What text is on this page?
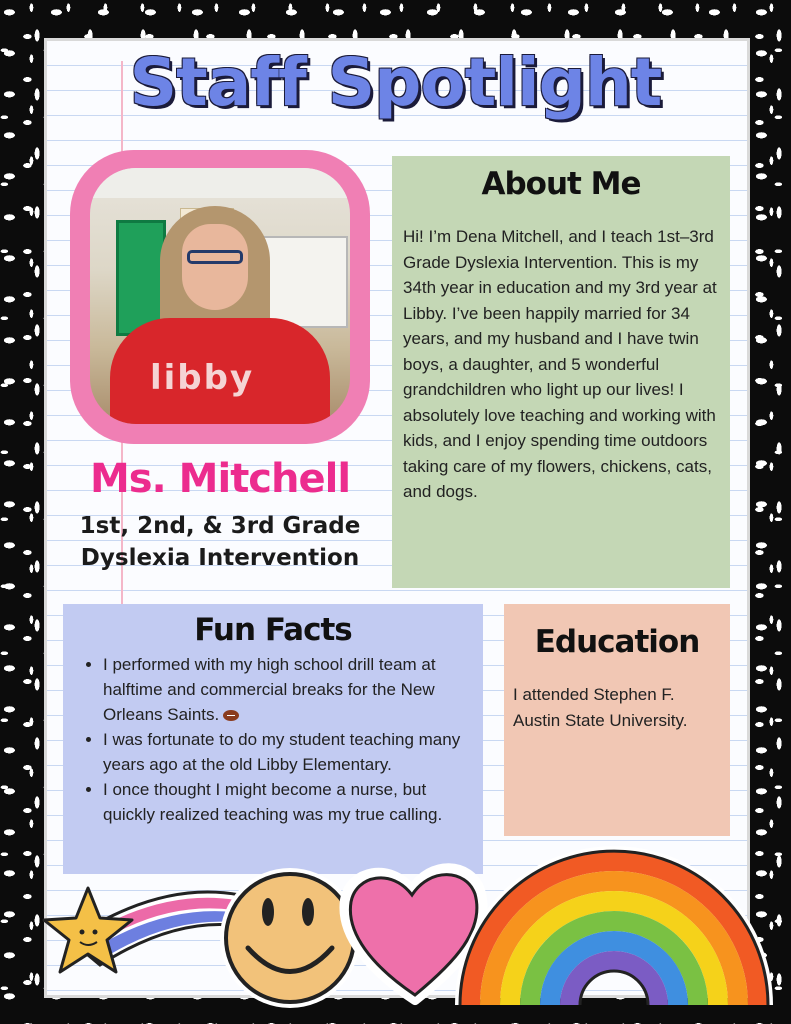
Staff Spotlight
libby
Ms. Mitchell
1st, 2nd, & 3rd Grade
Dyslexia Intervention
About Me
Hi! I’m Dena Mitchell, and I teach 1st–3rd Grade Dyslexia Intervention. This is my 34th year in education and my 3rd year at Libby. I’ve been happily married for 34 years, and my husband and I have twin boys, a daughter, and 5 wonderful grandchildren who light up our lives! I absolutely love teaching and working with kids, and I enjoy spending time outdoors taking care of my flowers, chickens, cats, and dogs.
Fun Facts
• I performed with my high school drill team at halftime and commercial breaks for the New Orleans Saints.
• I was fortunate to do my student teaching many years ago at the old Libby Elementary.
• I once thought I might become a nurse, but quickly realized teaching was my true calling.
Education
I attended Stephen F. Austin State University.
